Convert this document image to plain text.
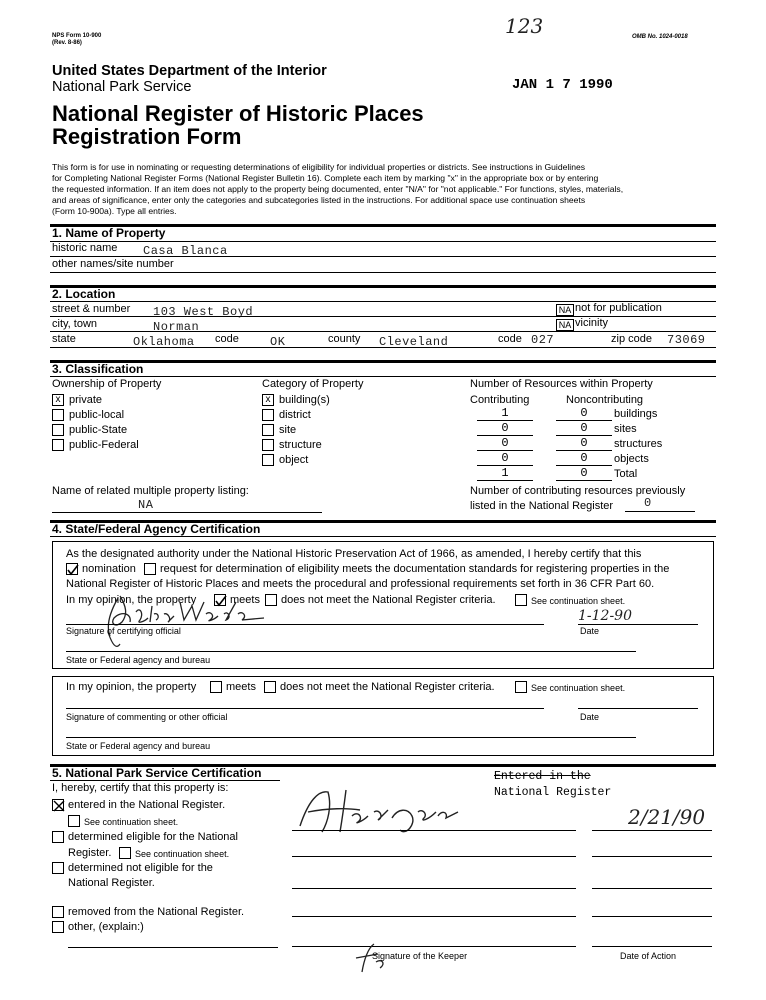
NPS Form 10-900
(Rev. 8-86)
OMB No. 1024-0018
123
United States Department of the Interior
National Park Service	JAN 1 7 1990
National Register of Historic Places
Registration Form
This form is for use in nominating or requesting determinations of eligibility for individual properties or districts. See instructions in Guidelines
for Completing National Register Forms (National Register Bulletin 16). Complete each item by marking "x" in the appropriate box or by entering
the requested information. If an item does not apply to the property being documented, enter "N/A" for "not applicable." For functions, styles, materials,
and areas of significance, enter only the categories and subcategories listed in the instructions. For additional space use continuation sheets
(Form 10-900a). Type all entries.
1. Name of Property
historic name Casa Blanca
other names/site number
2. Location
street & number 103 West Boyd	NA not for publication
city, town	Norman	NA vicinity
state	Oklahoma code	OK	county Cleveland	code 027	zip code 73069
3. Classification
Ownership of Property
x private
public-local
public-State
public-Federal
Category of Property
x building(s)
district
site
structure
object
Number of Resources within Property
Contributing	Noncontributing
1	0	buildings
0	0	sites
0	0	structures
0	0	objects
1	0	Total
Name of related multiple property listing:
NA
Number of contributing resources previously
listed in the National Register	0
4. State/Federal Agency Certification
As the designated authority under the National Historic Preservation Act of 1966, as amended, I hereby certify that this
nomination request for determination of eligibility meets the documentation standards for registering properties in the
National Register of Historic Places and meets the procedural and professional requirements set forth in 36 CFR Part 60.
In my opinion, the property	meets does not meet the National Register criteria.	See continuation sheet.
1-12-90
Signature of certifying official	Date
State or Federal agency and bureau
In my opinion, the property	meets does not meet the National Register criteria.	See continuation sheet.
Signature of commenting or other official	Date
State or Federal agency and bureau
5. National Park Service Certification
I, hereby, certify that this property is:
Entered in the
National Register
entered in the National Register.
See continuation sheet.
determined eligible for the National
Register.	See continuation sheet.
determined not eligible for the
National Register.
removed from the National Register.
other, (explain:)
2/21/90
Signature of the Keeper	Date of Action
